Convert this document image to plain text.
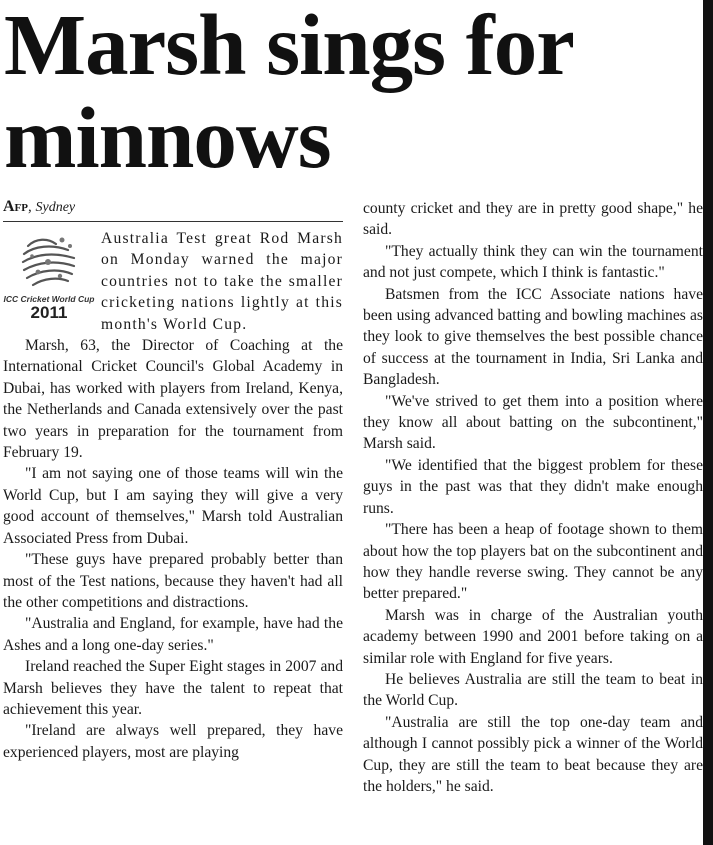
Marsh sings for minnows
Afp, Sydney
ICC Cricket World Cup
2011

Australia Test great Rod Marsh on Monday warned the major countries not to take the smaller cricketing nations lightly at this month's World Cup.

Marsh, 63, the Director of Coaching at the International Cricket Council's Global Academy in Dubai, has worked with players from Ireland, Kenya, the Netherlands and Canada extensively over the past two years in preparation for the tournament from February 19.

"I am not saying one of those teams will win the World Cup, but I am saying they will give a very good account of themselves," Marsh told Australian Associated Press from Dubai.

"These guys have prepared probably better than most of the Test nations, because they haven't had all the other competitions and distractions.

"Australia and England, for example, have had the Ashes and a long one-day series."

Ireland reached the Super Eight stages in 2007 and Marsh believes they have the talent to repeat that achievement this year.

"Ireland are always well prepared, they have experienced players, most are playing

county cricket and they are in pretty good shape," he said.

"They actually think they can win the tournament and not just compete, which I think is fantastic."

Batsmen from the ICC Associate nations have been using advanced batting and bowling machines as they look to give themselves the best possible chance of success at the tournament in India, Sri Lanka and Bangladesh.

"We've strived to get them into a position where they know all about batting on the subcontinent," Marsh said.

"We identified that the biggest problem for these guys in the past was that they didn't make enough runs.

"There has been a heap of footage shown to them about how the top players bat on the subcontinent and how they handle reverse swing. They cannot be any better prepared."

Marsh was in charge of the Australian youth academy between 1990 and 2001 before taking on a similar role with England for five years.

He believes Australia are still the team to beat in the World Cup.

"Australia are still the top one-day team and although I cannot possibly pick a winner of the World Cup, they are still the team to beat because they are the holders," he said.
